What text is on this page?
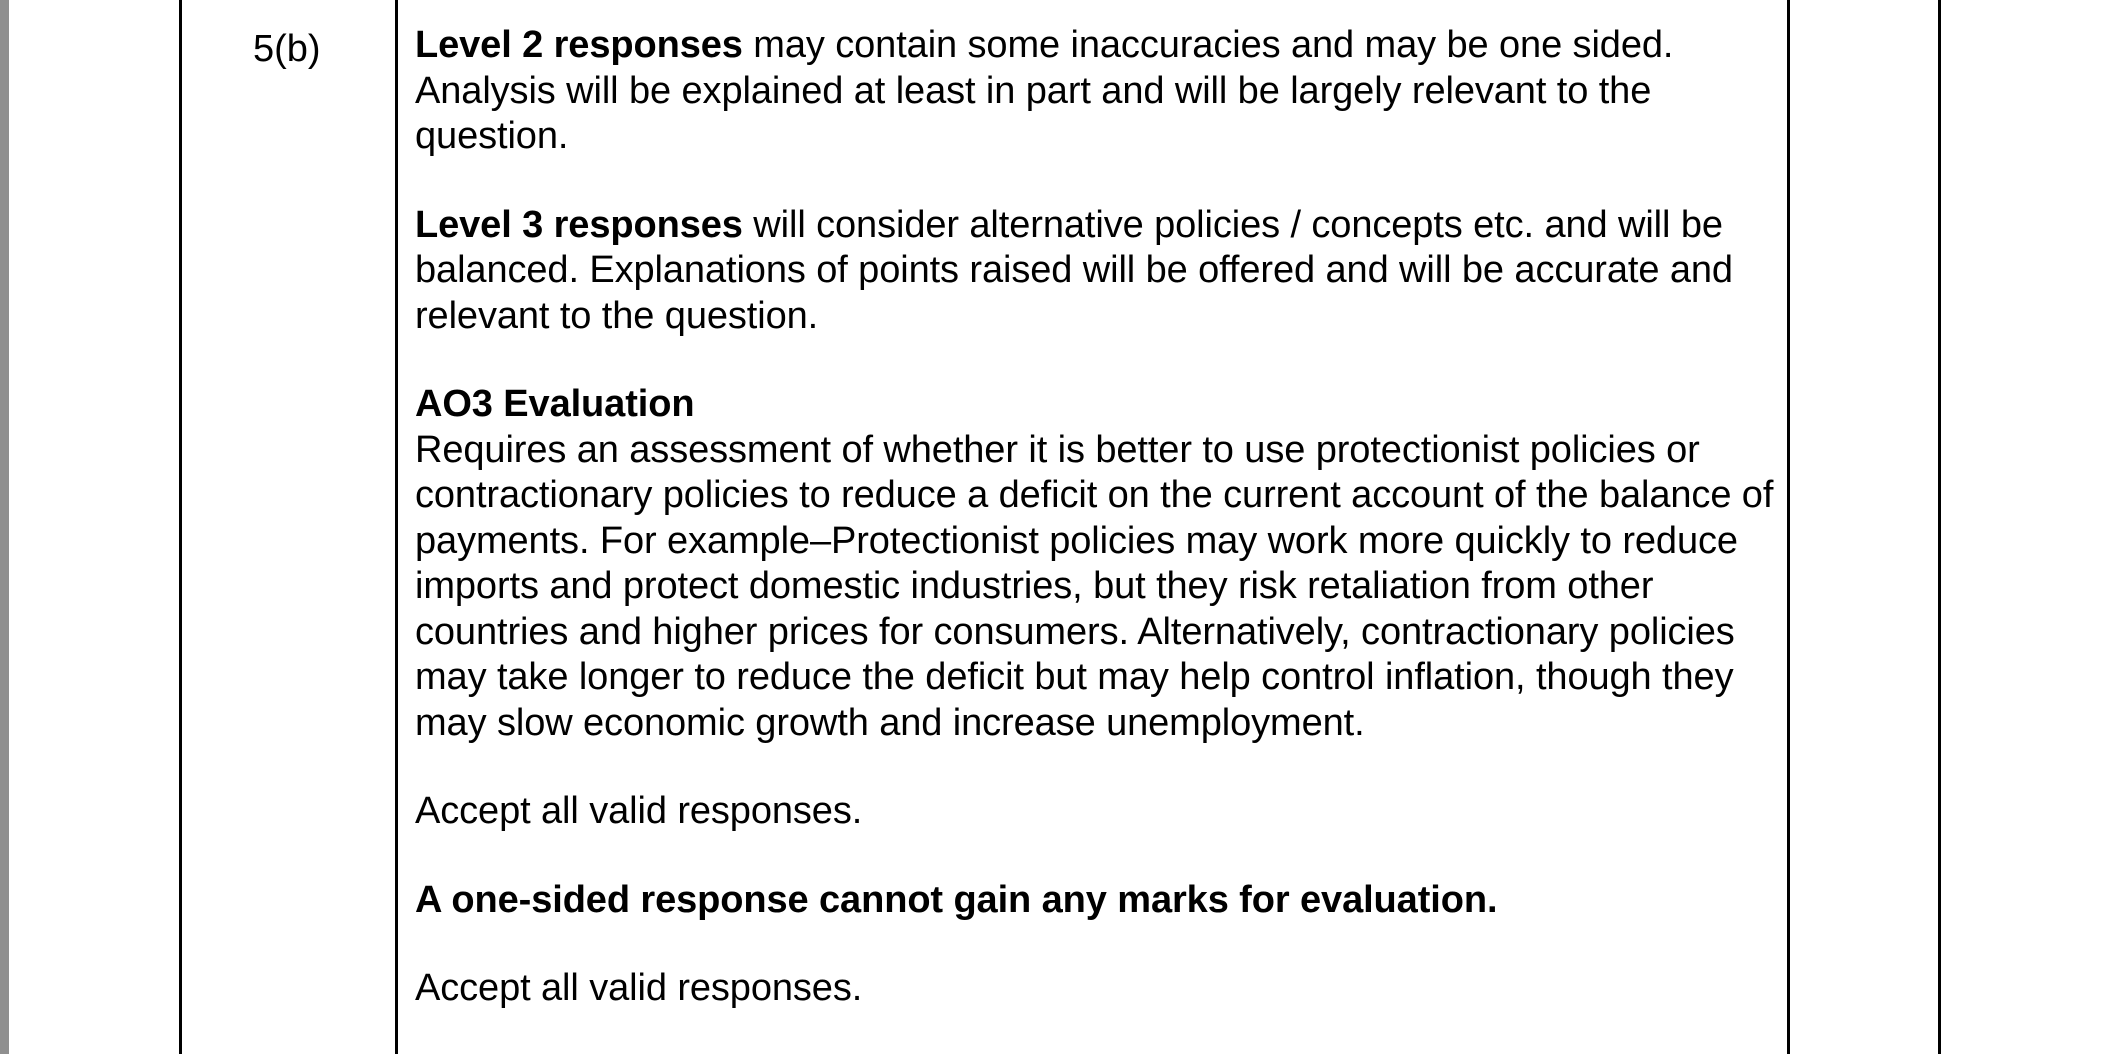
5(b) Level 2 responses may contain some inaccuracies and may be one sided. Analysis will be explained at least in part and will be largely relevant to the question.

Level 3 responses will consider alternative policies / concepts etc. and will be balanced. Explanations of points raised will be offered and will be accurate and relevant to the question.

AO3 Evaluation

Requires an assessment of whether it is better to use protectionist policies or contractionary policies to reduce a deficit on the current account of the balance of payments. For example–Protectionist policies may work more quickly to reduce imports and protect domestic industries, but they risk retaliation from other countries and higher prices for consumers. Alternatively, contractionary policies may take longer to reduce the deficit but may help control inflation, though they may slow economic growth and increase unemployment.

Accept all valid responses.

A one-sided response cannot gain any marks for evaluation.

Accept all valid responses.
